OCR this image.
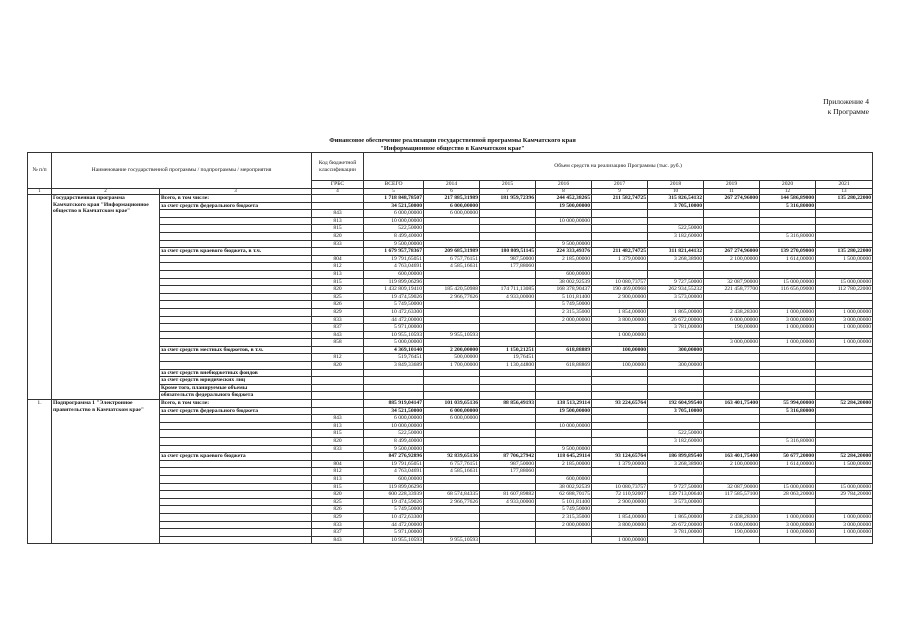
Приложение 4
к Программе
Финансовое обеспечение реализации государственной программы Камчатского края
"Информационное общество в Камчатском крае"
№ п/п	Наименование государственной программы / подпрограммы / мероприятия		Код бюджетной классификации	Объем средств на реализацию Программы (тыс. руб.)								
			ГРБС	ВСЕГО	2014	2015	2016	2017	2018	2019	2020	2021
1	2	3	4	5	6	7	8	9	10	11	12	13
	Государственная программа Камчатского края "Информационное общество в Камчатском крае"	Всего, в том числе:		1 718 848,78507	217 885,31989	181 959,72396	244 452,38265	211 582,74725	315 826,54132	267 274,96000	144 586,89000	135 280,22000
		за счет средств федерального бюджета		34 521,50000	6 000,00000		19 500,00000		3 705,10000		5 316,80000	
			843	6 000,00000	6 000,00000							
			813	10 000,00000			10 000,00000					
			815	522,50000					522,50000			
			820	8 499,40000					3 182,60000		5 316,80000	
			833	9 500,00000			9 500,00000					
		за счет средств краевого бюджета, в т.ч.		1 679 957,78367	209 685,31989	180 809,51145	224 333,49376	211 482,74725	311 821,44132	267 274,96000	139 270,09000	135 280,22000
			804	19 791,65051	6 757,76151	987,50000	2 185,00000	1 379,00000	3 268,38900	2 100,00000	1 614,00000	1 500,00000
			812	4 763,04691	4 585,16631	177,88060						
			813	600,00000			600,00000					
			815	119 899,06296			38 002,92539	10 080,73757	9 727,50000	32 087,90000	15 000,00000	15 000,00000
			820	1 432 809,19410	185 420,50988	174 711,13085	168 378,90437	190 469,00968	262 934,55232	221 458,77700	116 656,09000	112 780,22000
			825	19 474,59026	2 966,77626	4 933,00000	5 101,81400	2 900,00000	3 573,00000			
			826	5 749,50000			5 749,50000					
			829	10 472,63300			2 315,35000	1 854,00000	1 865,00000	2 438,28300	1 000,00000	1 000,00000
			833	44 472,00000			2 000,00000	3 800,00000	26 672,00000	6 000,00000	3 000,00000	3 000,00000
			837	5 971,00000					3 781,00000	190,00000	1 000,00000	1 000,00000
			843	10 955,10593	9 955,10593			1 000,00000				
			858	5 000,00000						3 000,00000	1 000,00000	1 000,00000
		за счет средств местных бюджетов, в т.ч.		4 369,10140	2 200,00000	1 150,21251	618,88889	100,00000	300,00000			
			812	519,76451	500,00000	19,76451						
			820	3 849,33689	1 700,00000	1 130,44800	618,88869	100,00000	300,00000			
		за счет средств внебюджетных фондов										
		за счет средств юридических лиц										
		Кроме того, планируемые объемы										
		обязательств федерального бюджета										
1.	Подпрограмма 1 "Электронное правительство в Камчатском крае"	Всего, в том числе:		885 919,04147	101 039,65136	88 856,49193	138 513,29114	93 224,65764	192 604,99540	163 401,75400	55 994,00000	52 284,20000
		за счет средств федерального бюджета		34 521,50000	6 000,00000		19 500,00000		3 705,10000		5 316,80000	
			843	6 000,00000	6 000,00000							
			813	10 000,00000			10 000,00000					
			815	522,50000					522,50000			
			820	8 499,40000					3 182,60000		5 316,80000	
			833	9 500,00000			9 500,00000					
		за счет средств краевого бюджета		847 276,92896	92 839,65136	87 706,27942	118 645,29114	93 124,65764	186 899,89540	163 401,75400	50 677,20000	52 284,20000
			804	19 791,65051	6 757,76151	987,50000	2 185,00000	1 379,00000	3 268,38900	2 100,00000	1 614,00000	1 500,00000
			812	4 763,04691	4 585,16631	177,88060						
			813	600,00000			600,00000					
			815	119 899,06296			38 002,92539	10 080,73757	9 727,50000	32 087,90000	15 000,00000	15 000,00000
			820	600 228,33939	68 574,84335	81 607,89882	62 688,70175	72 110,92007	139 713,00640	117 585,57100	28 063,20000	29 784,20000
			825	19 474,59026	2 966,77626	4 933,00000	5 101,81400	2 900,00000	3 573,00000			
			826	5 749,50000			5 749,50000					
			829	10 472,63300			2 315,35000	1 854,00000	1 865,00000	2 438,28300	1 000,00000	1 000,00000
			833	44 472,00000			2 000,00000	3 800,00000	26 672,00000	6 000,00000	3 000,00000	3 000,00000
			837	5 971,00000					3 781,00000	190,00000	1 000,00000	1 000,00000
			843	10 955,10593	9 955,10593			1 000,00000				
